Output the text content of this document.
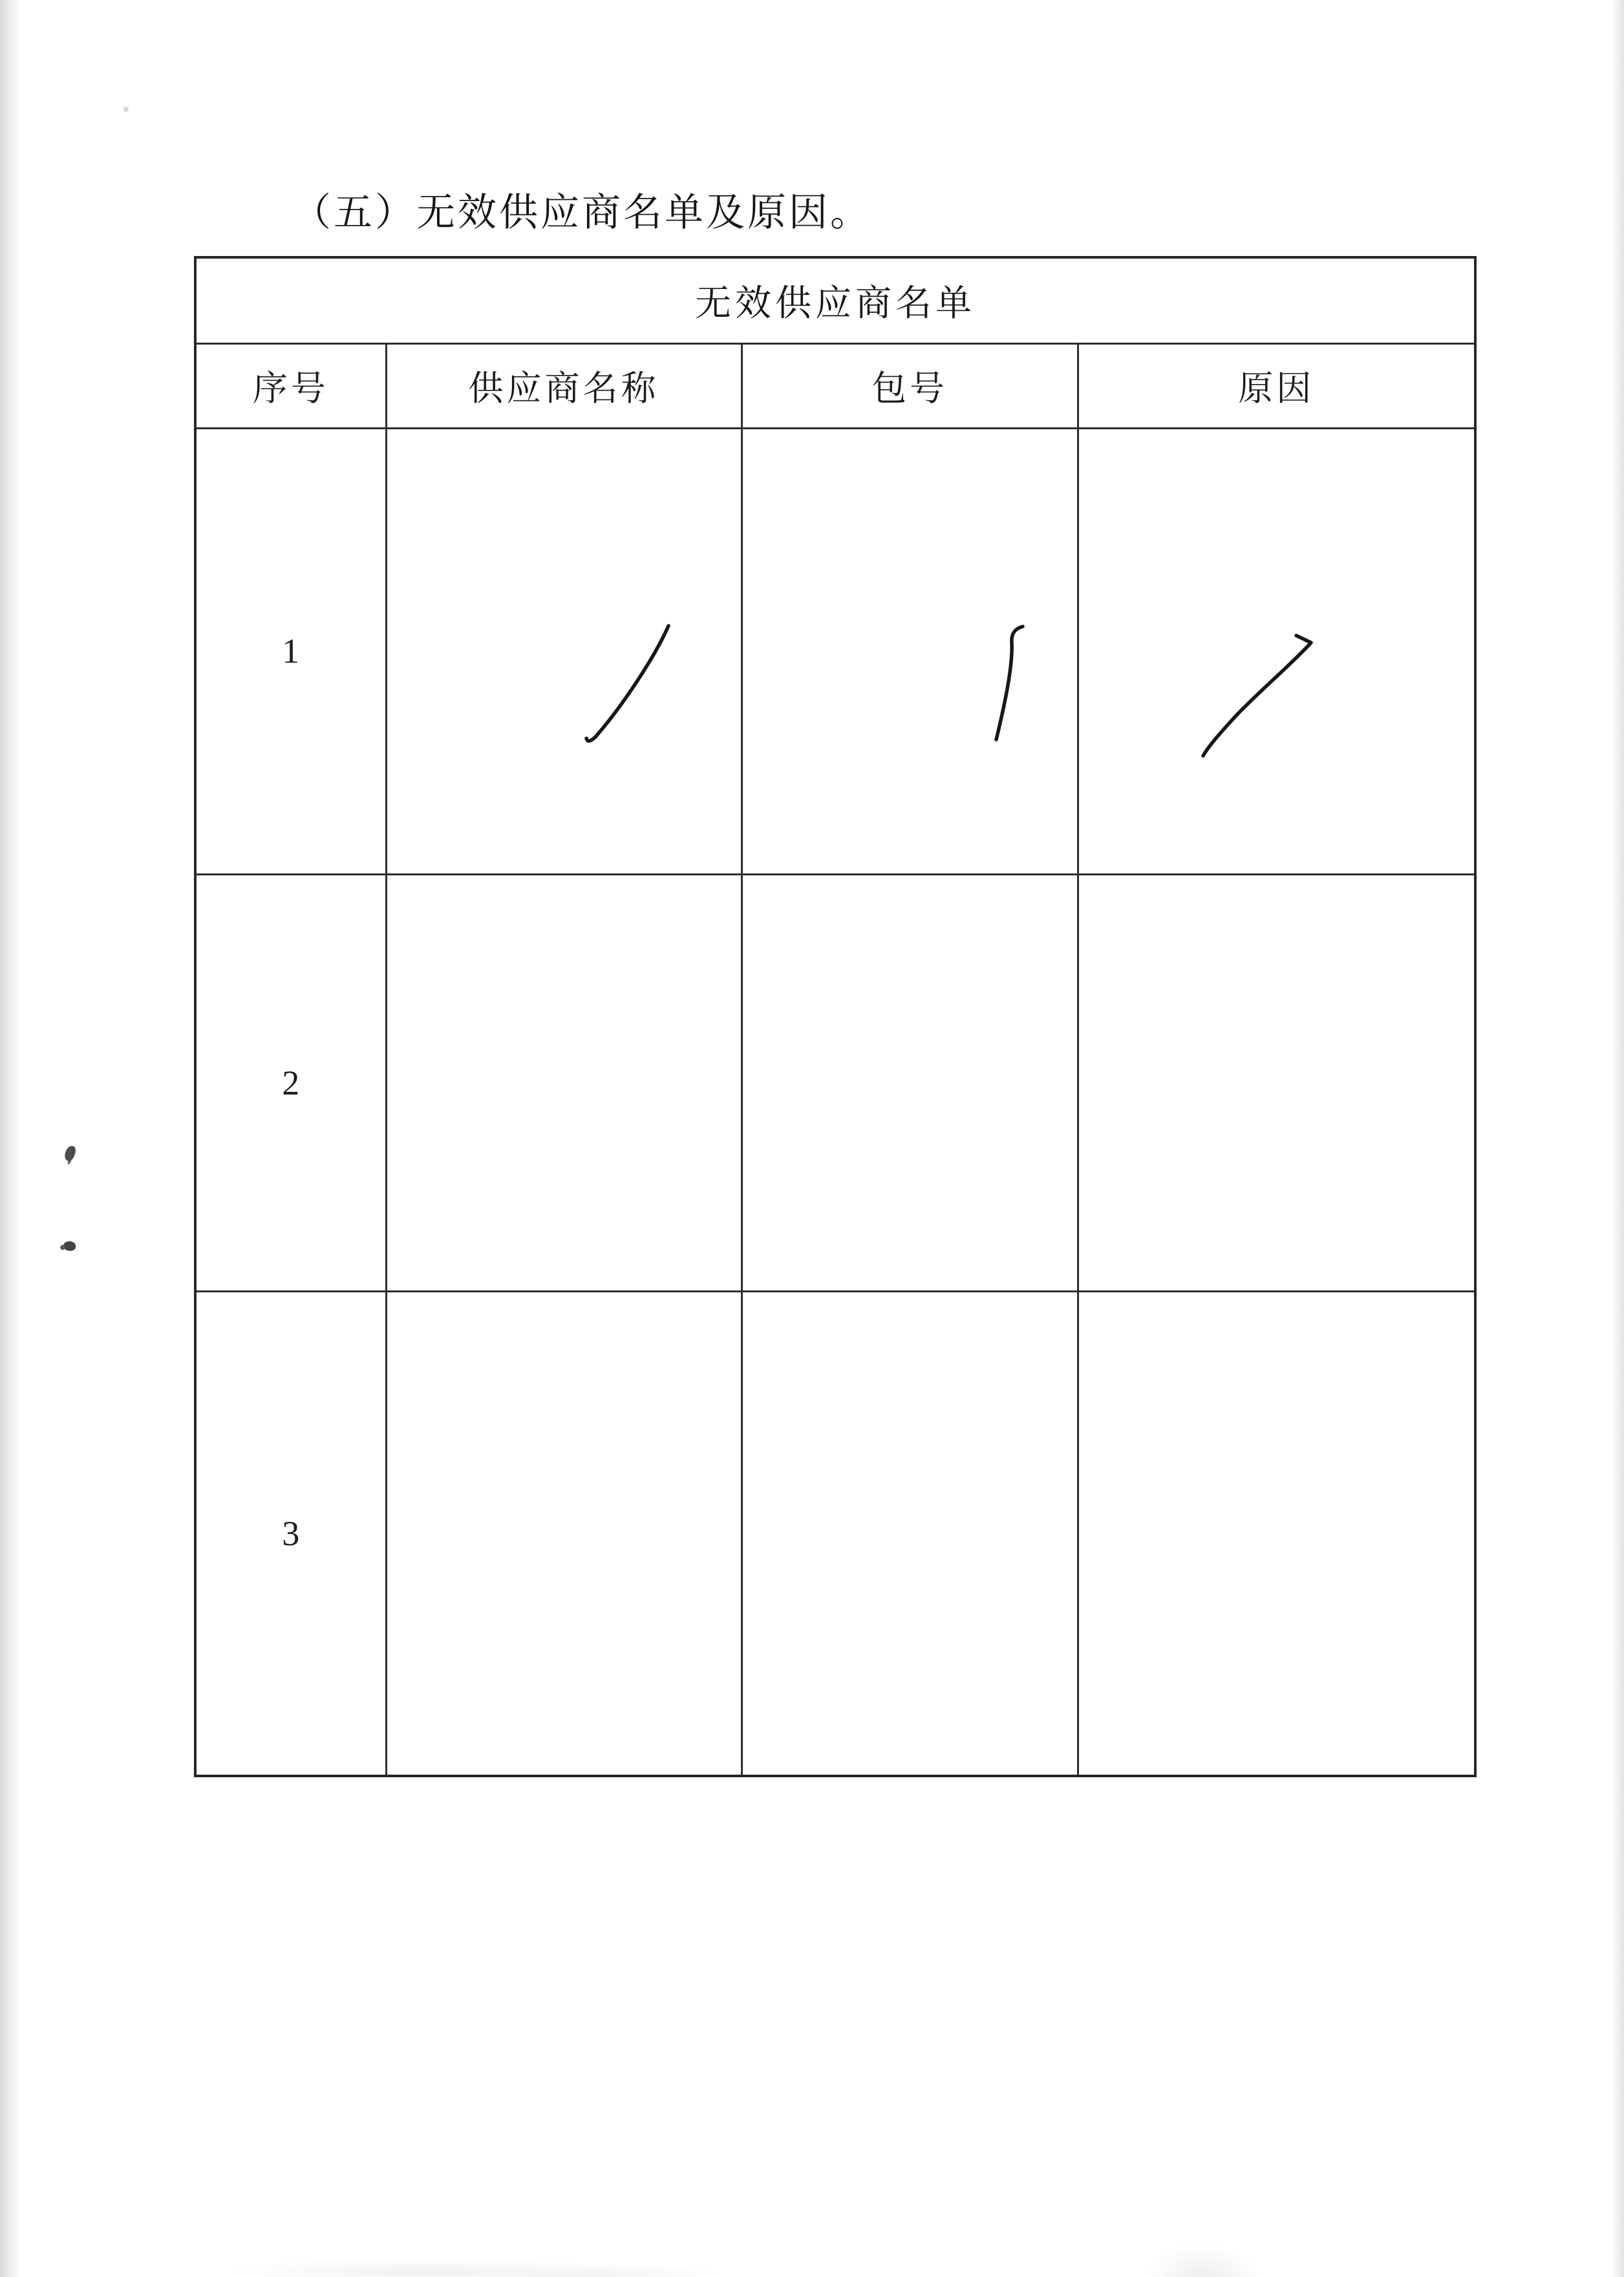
（五）无效供应商名单及原因。
无效供应商名单			
序号	供应商名称	包号	原因
1	

2			
3			
